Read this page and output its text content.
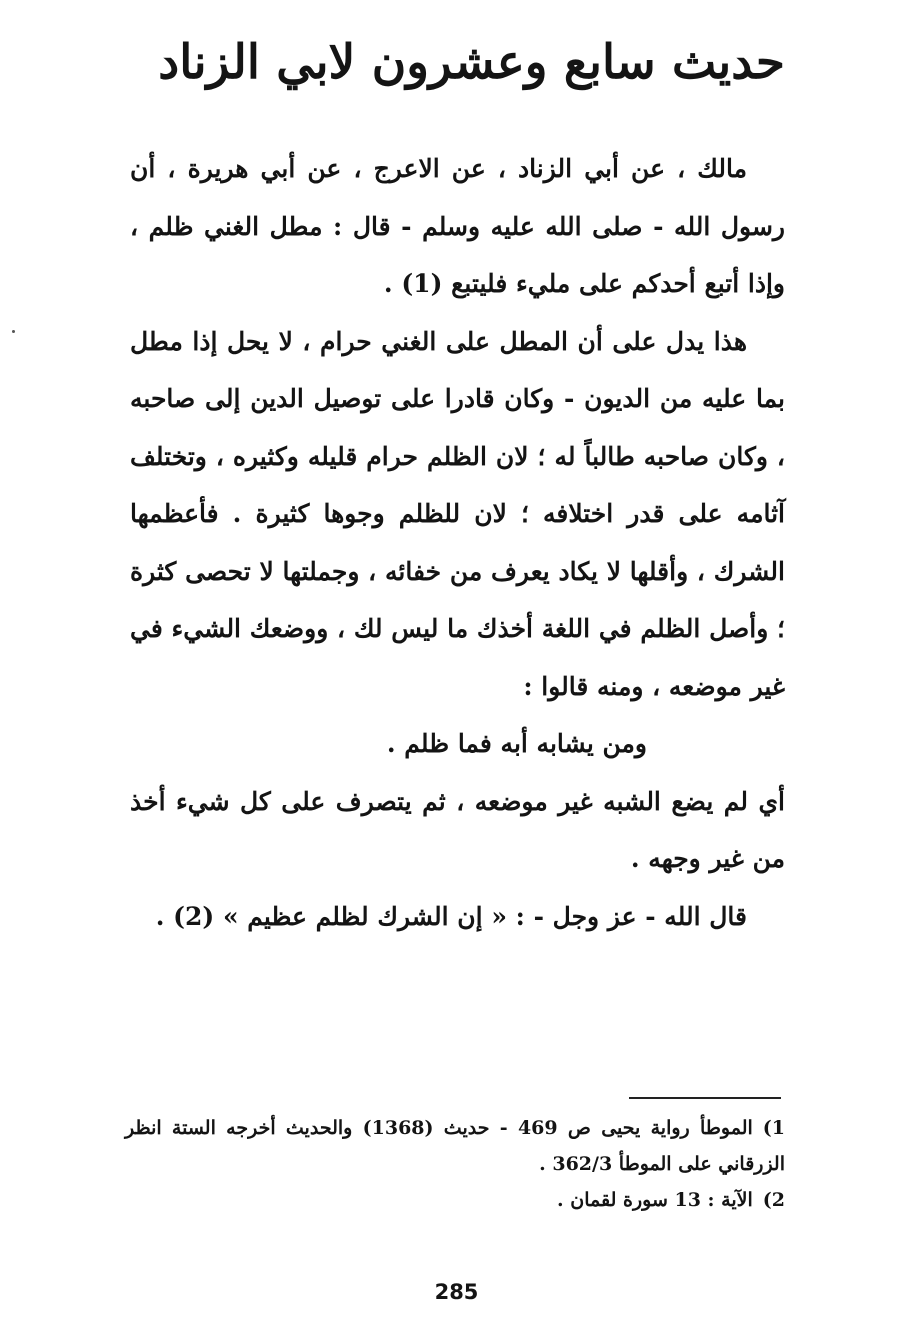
حديث سابع وعشرون لابي الزناد

مالك ، عن أبي الزناد ، عن الاعرج ، عن أبي هريرة ، أن رسول الله - صلى الله عليه وسلم - قال : مطل الغني ظلم ، وإذا أتبع أحدكم على مليء فليتبع (1) .

هذا يدل على أن المطل على الغني حرام ، لا يحل إذا مطل بما عليه من الديون - وكان قادرا على توصيل الدين إلى صاحبه ، وكان صاحبه طالباً له ؛ لان الظلم حرام قليله وكثيره ، وتختلف آثامه على قدر اختلافه ؛ لان للظلم وجوها كثيرة . فأعظمها الشرك ، وأقلها لا يكاد يعرف من خفائه ، وجملتها لا تحصى كثرة ؛ وأصل الظلم في اللغة أخذك ما ليس لك ، ووضعك الشيء في غير موضعه ، ومنه قالوا :

ومن يشابه أبه فما ظلم .

أي لم يضع الشبه غير موضعه ، ثم يتصرف على كل شيء أخذ من غير وجهه .

قال الله - عز وجل - : « إن الشرك لظلم عظيم » (2) .

(1الموطأ رواية يحيى ص 469 - حديث (1368) والحديث أخرجه الستة انظر الزرقاني على الموطأ 362/3 .

(2الآية : 13 سورة لقمان .

285
